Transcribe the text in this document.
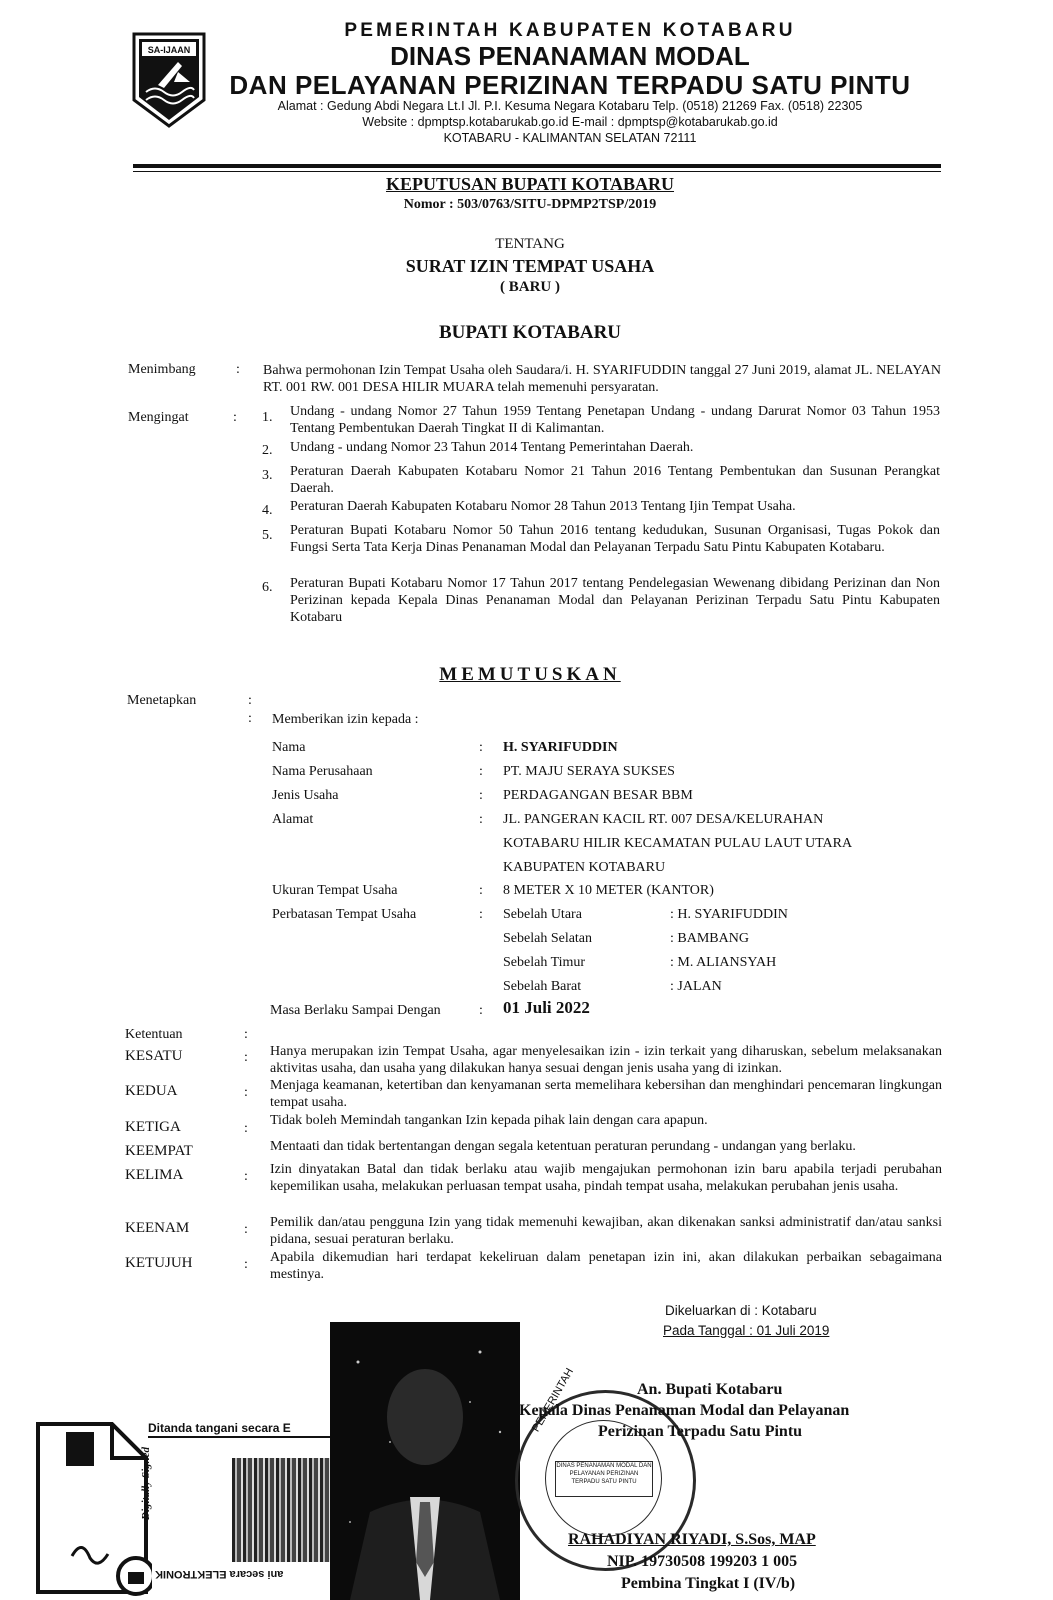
SA-IJAAN
PEMERINTAH KABUPATEN KOTABARU
DINAS PENANAMAN MODAL
DAN PELAYANAN PERIZINAN TERPADU SATU PINTU
Alamat : Gedung Abdi Negara Lt.I Jl. P.I. Kesuma Negara Kotabaru Telp. (0518) 21269 Fax. (0518) 22305
Website : dpmptsp.kotabarukab.go.id E-mail : dpmptsp@kotabarukab.go.id
KOTABARU - KALIMANTAN SELATAN 72111
KEPUTUSAN BUPATI KOTABARU
Nomor : 503/0763/SITU-DPMP2TSP/2019
TENTANG
SURAT IZIN TEMPAT USAHA
( BARU )
BUPATI KOTABARU
Menimbang	: Bahwa permohonan Izin Tempat Usaha oleh Saudara/i. H. SYARIFUDDIN tanggal 27 Juni 2019, alamat JL. NELAYAN RT. 001 RW. 001 DESA HILIR MUARA telah memenuhi persyaratan.
Mengingat	: 1. Undang - undang Nomor 27 Tahun 1959 Tentang Penetapan Undang - undang Darurat Nomor 03 Tahun 1953 Tentang Pembentukan Daerah Tingkat II di Kalimantan.
2. Undang - undang Nomor 23 Tahun 2014 Tentang Pemerintahan Daerah.
3. Peraturan Daerah Kabupaten Kotabaru Nomor 21 Tahun 2016 Tentang Pembentukan dan Susunan Perangkat Daerah.
4. Peraturan Daerah Kabupaten Kotabaru Nomor 28 Tahun 2013 Tentang Ijin Tempat Usaha.
5. Peraturan Bupati Kotabaru Nomor 50 Tahun 2016 tentang kedudukan, Susunan Organisasi, Tugas Pokok dan Fungsi Serta Tata Kerja Dinas Penanaman Modal dan Pelayanan Terpadu Satu Pintu Kabupaten Kotabaru.
6. Peraturan Bupati Kotabaru Nomor 17 Tahun 2017 tentang Pendelegasian Wewenang dibidang Perizinan dan Non Perizinan kepada Kepala Dinas Penanaman Modal dan Pelayanan Perizinan Terpadu Satu Pintu Kabupaten Kotabaru
MEMUTUSKAN
Menetapkan	:
: Memberikan izin kepada :
Nama	: H. SYARIFUDDIN
Nama Perusahaan	: PT. MAJU SERAYA SUKSES
Jenis Usaha	: PERDAGANGAN BESAR BBM
Alamat	: JL. PANGERAN KACIL RT. 007 DESA/KELURAHAN
KOTABARU HILIR KECAMATAN PULAU LAUT UTARA
KABUPATEN KOTABARU
Ukuran Tempat Usaha	: 8 METER X 10 METER (KANTOR)
Perbatasan Tempat Usaha	: Sebelah Utara	: H. SYARIFUDDIN
Sebelah Selatan	: BAMBANG
Sebelah Timur	: M. ALIANSYAH
Sebelah Barat	: JALAN
Masa Berlaku Sampai Dengan	: 01 Juli 2022
Ketentuan	:
KESATU	: Hanya merupakan izin Tempat Usaha, agar menyelesaikan izin - izin terkait yang diharuskan, sebelum melaksanakan aktivitas usaha, dan usaha yang dilakukan hanya sesuai dengan jenis usaha yang di izinkan.
KEDUA	: Menjaga keamanan, ketertiban dan kenyamanan serta memelihara kebersihan dan menghindari pencemaran lingkungan tempat usaha.
KETIGA	:
Tidak boleh Memindah tangankan Izin kepada pihak lain dengan cara apapun.
KEEMPAT	Mentaati dan tidak bertentangan dengan segala ketentuan peraturan perundang - undangan yang berlaku.
KELIMA	: Izin dinyatakan Batal dan tidak berlaku atau wajib mengajukan permohonan izin baru apabila terjadi perubahan kepemilikan usaha, melakukan perluasan tempat usaha, pindah tempat usaha, melakukan perubahan jenis usaha.
KEENAM	: Pemilik dan/atau pengguna Izin yang tidak memenuhi kewajiban, akan dikenakan sanksi administratif dan/atau sanksi pidana, sesuai peraturan berlaku.
KETUJUH	: Apabila dikemudian hari terdapat kekeliruan dalam penetapan izin ini, akan dilakukan perbaikan sebagaimana mestinya.
Dikeluarkan di : Kotabaru
Pada Tanggal : 01 Juli 2019
PEMERINTAH
DINAS PENANAMAN MODAL DAN PELAYANAN PERIZINAN TERPADU SATU PINTU
Ditanda tangani secara E
Digitally Signed
ani secara ELEKTRONIK
An. Bupati Kotabaru
Kepala Dinas Penanaman Modal dan Pelayanan
Perizinan Terpadu Satu Pintu
RAHADIYAN RIYADI, S.Sos, MAP
NIP. 19730508 199203 1 005
Pembina Tingkat I (IV/b)
